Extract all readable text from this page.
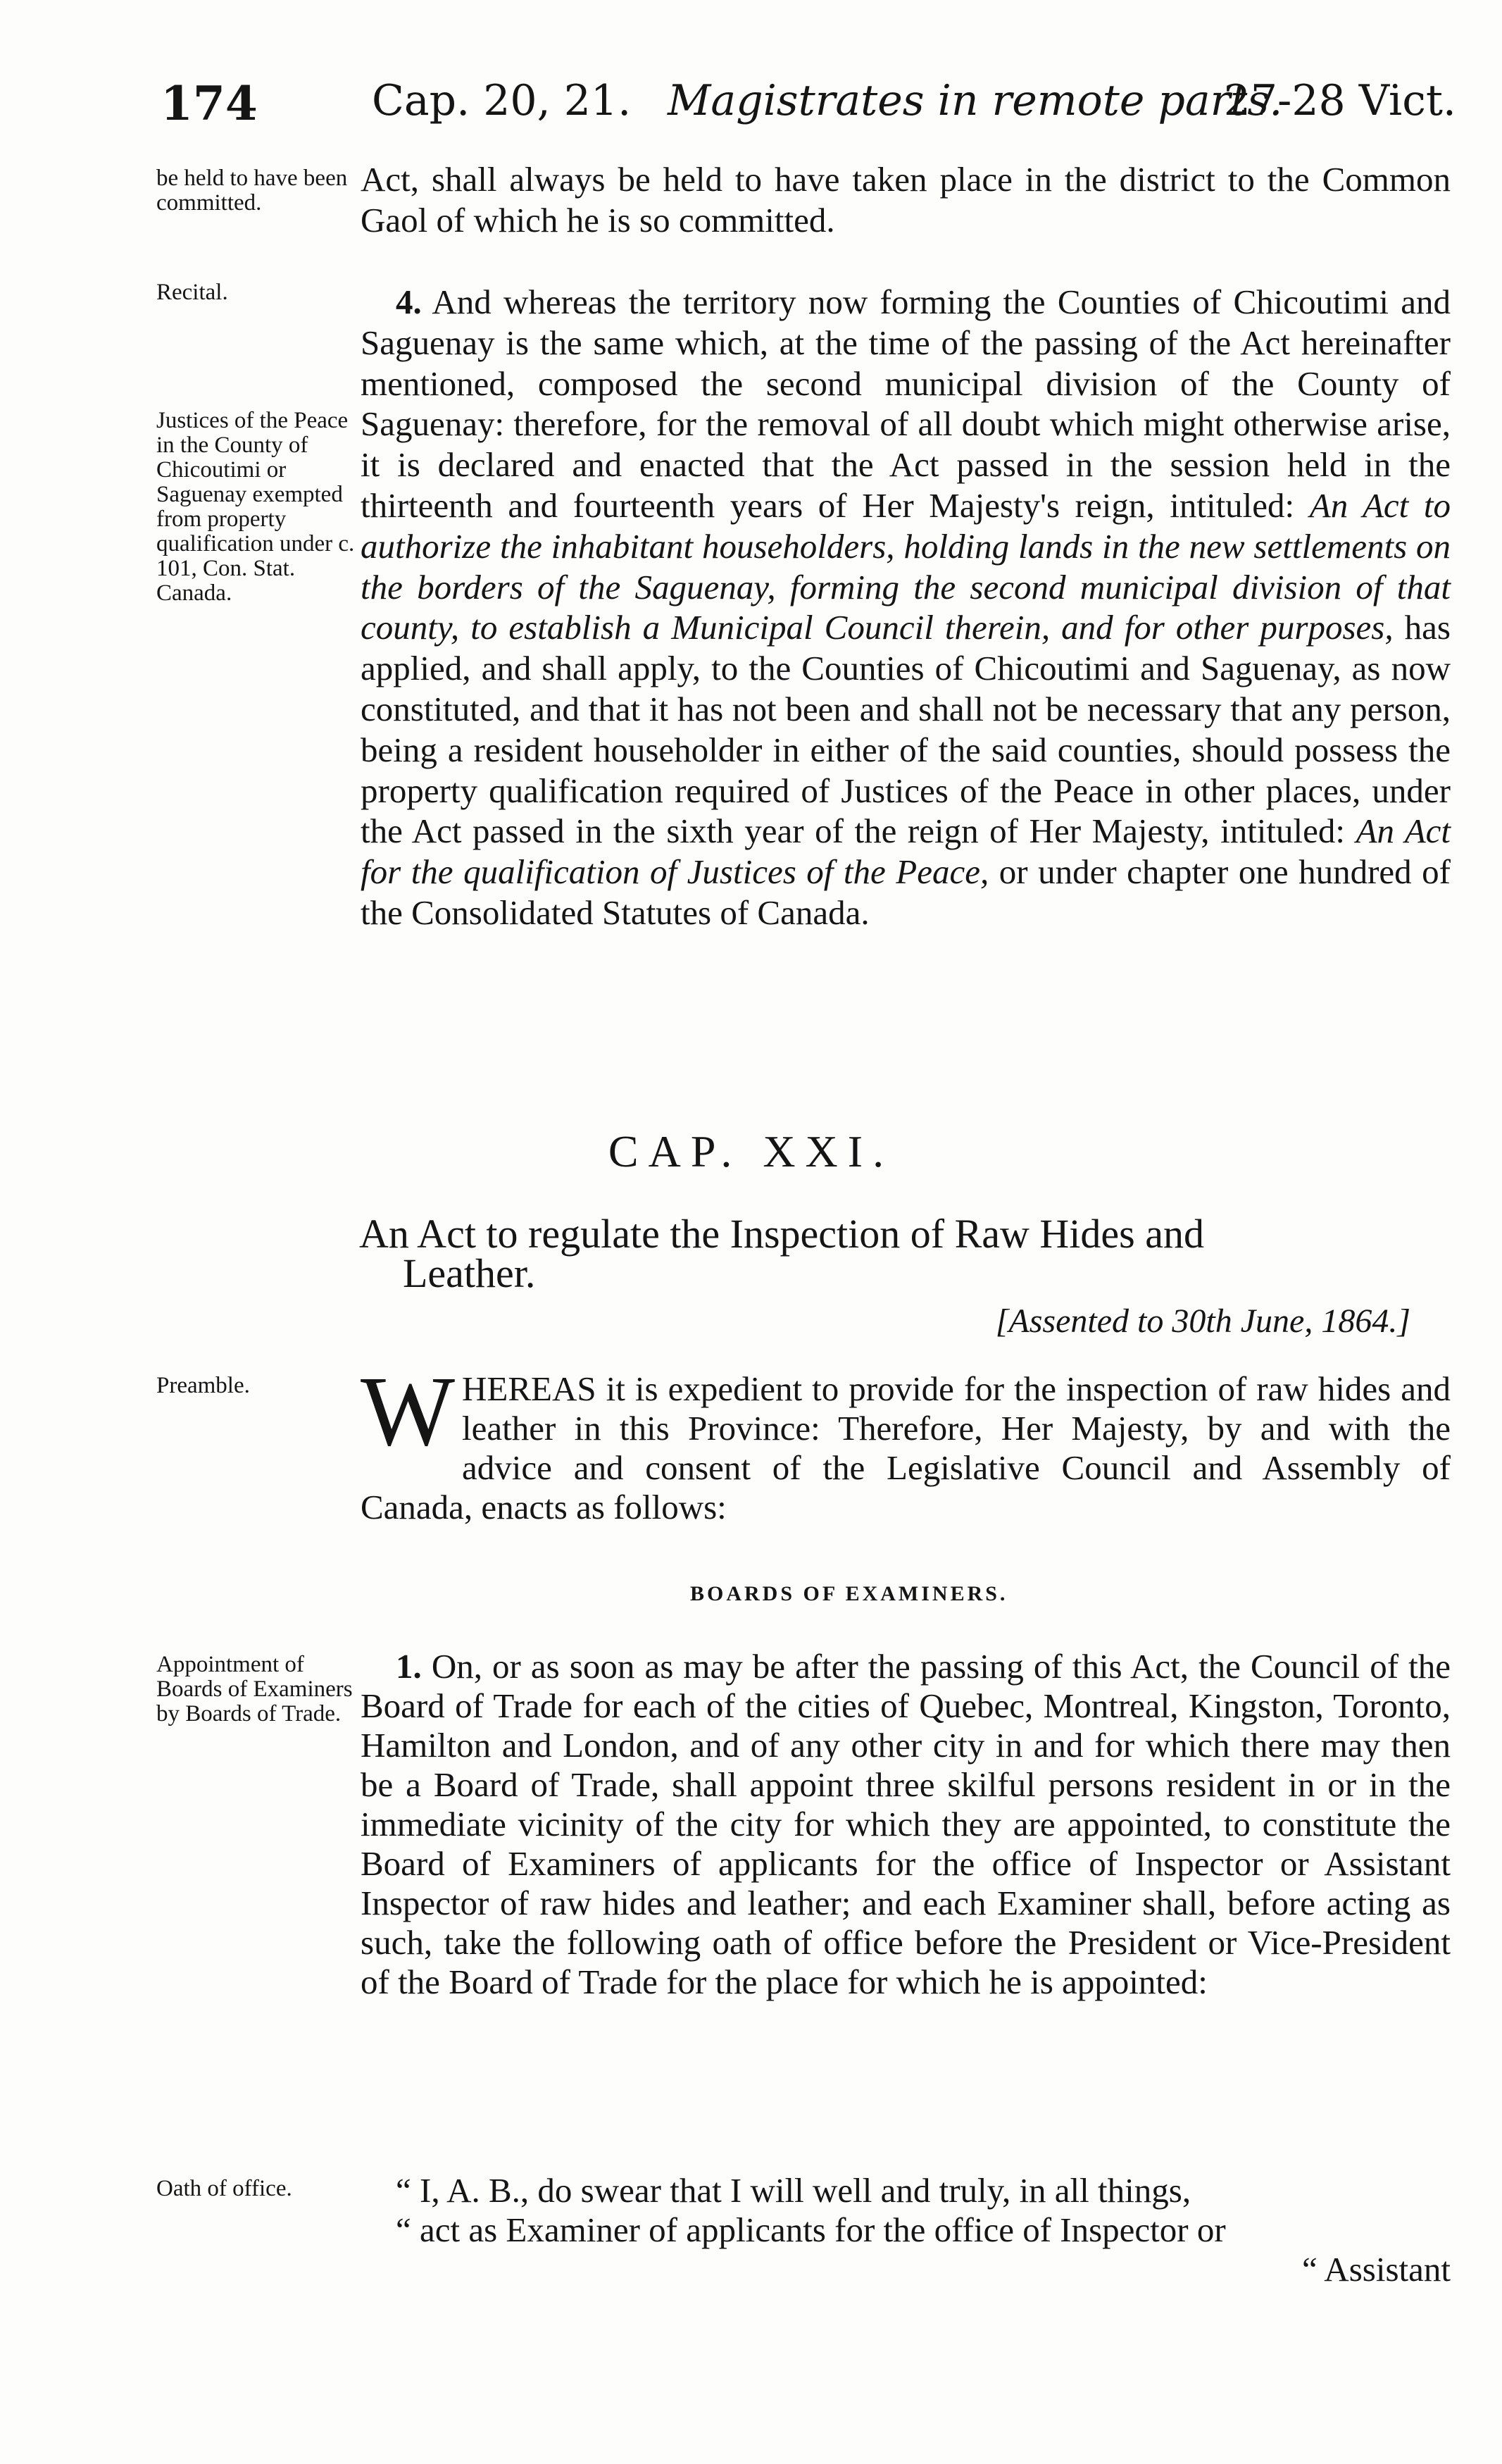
174	Cap. 20, 21. Magistrates in remote parts.
27-28 Vict.
be held to have been committed.

Act, shall always be held to have taken place in the district to the Common Gaol of which he is so committed.

Recital.
Justices of the Peace in the County of Chicoutimi or Saguenay exempted from property qualification under c. 101, Con. Stat. Canada.

4. And whereas the territory now forming the Counties of Chicoutimi and Saguenay is the same which, at the time of the passing of the Act hereinafter mentioned, composed the second municipal division of the County of Saguenay: therefore, for the removal of all doubt which might otherwise arise, it is declared and enacted that the Act passed in the session held in the thirteenth and fourteenth years of Her Majesty's reign, intituled: An Act to authorize the inhabitant householders, holding lands in the new settlements on the borders of the Saguenay, forming the second municipal division of that county, to establish a Municipal Council therein, and for other purposes, has applied, and shall apply, to the Counties of Chicoutimi and Saguenay, as now constituted, and that it has not been and shall not be necessary that any person, being a resident householder in either of the said counties, should possess the property qualification required of Justices of the Peace in other places, under the Act passed in the sixth year of the reign of Her Majesty, intituled: An Act for the qualification of Justices of the Peace, or under chapter one hundred of the Consolidated Statutes of Canada.

CAP. XXI.
An Act to regulate the Inspection of Raw Hides and
Leather.
[Assented to 30th June, 1864.]
Preamble.	WHEREAS it is expedient to provide for the inspection of raw hides and leather in this Province: Therefore, Her Majesty, by and with the advice and consent of the Legislative Council and Assembly of Canada, enacts as follows:

BOARDS OF EXAMINERS.
Appointment of Boards of Examiners by Boards of Trade.

1. On, or as soon as may be after the passing of this Act, the Council of the Board of Trade for each of the cities of Quebec, Montreal, Kingston, Toronto, Hamilton and London, and of any other city in and for which there may then be a Board of Trade, shall appoint three skilful persons resident in or in the immediate vicinity of the city for which they are appointed, to constitute the Board of Examiners of applicants for the office of Inspector or Assistant Inspector of raw hides and leather; and each Examiner shall, before acting as such, take the following oath of office before the President or Vice-President of the Board of Trade for the place for which he is appointed:

Oath of office.	“ I, A. B., do swear that I will well and truly, in all things,

“ act as Examiner of applicants for the office of Inspector or

“ Assistant
